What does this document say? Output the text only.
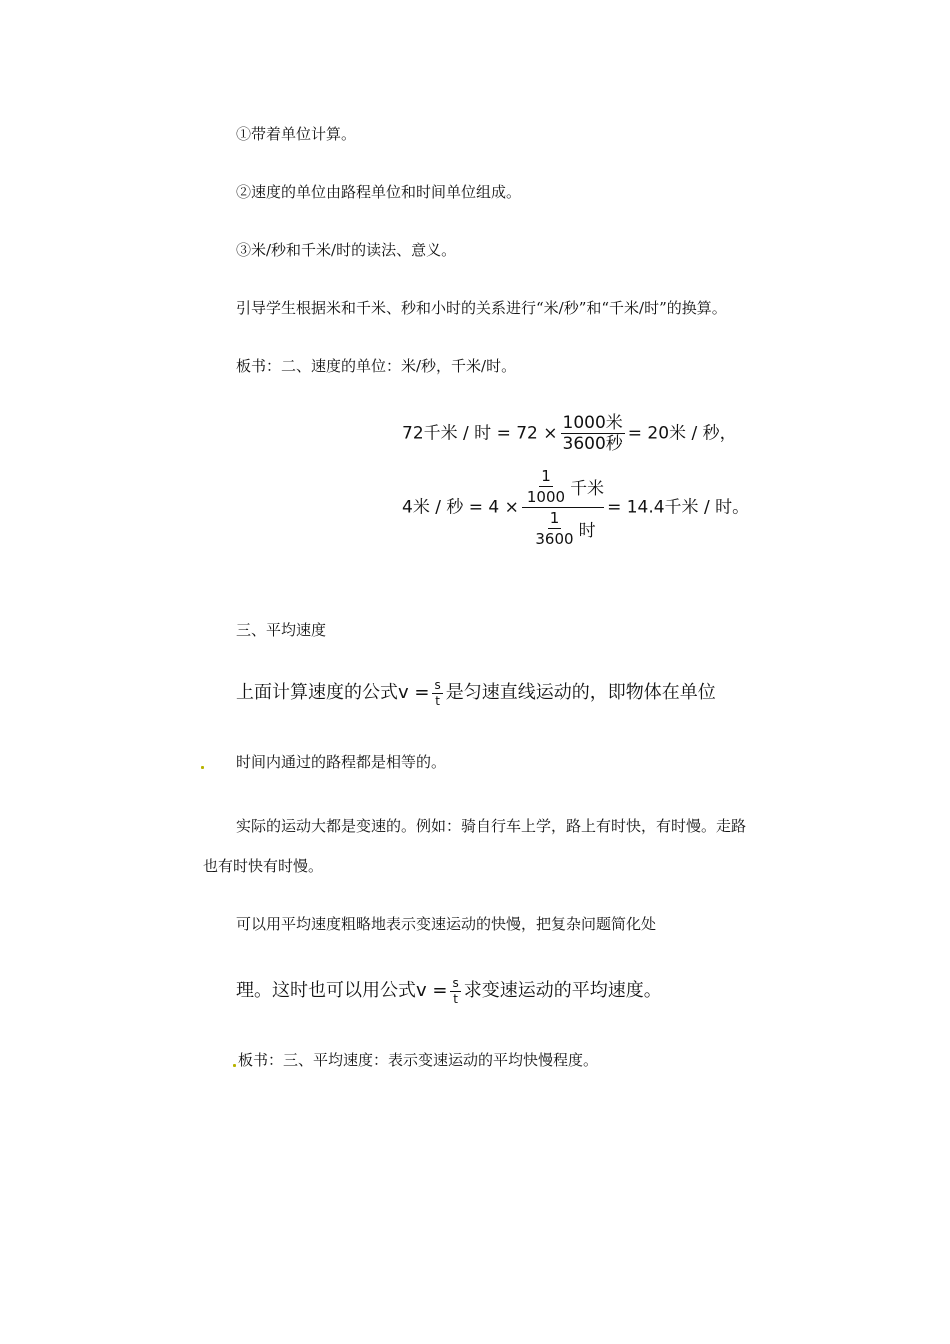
①带着单位计算。
②速度的单位由路程单位和时间单位组成。
③米/秒和千米/时的读法、意义。
引导学生根据米和千米、秒和小时的关系进行“米/秒”和“千米/时”的换算。
板书：二、速度的单位：米/秒，千米/时。
72千米 / 时 = $72 \times \frac{\text{1000米}}{\text{3600秒}} = 20$米 / 秒，
4米 / 秒 = $4 \times \frac{\frac{1}{1000} 千米}{\frac{1}{3600} 时} = 14.4$千米 / 时。
三、平均速度
上面计算速度的公式$v = \frac{s}{t}$ 是匀速直线运动的，即物体在单位
时间内通过的路程都是相等的。
实际的运动大都是变速的。例如：骑自行车上学，路上有时快，有时慢。走路
也有时快有时慢。
可以用平均速度粗略地表示变速运动的快慢，把复杂问题简化处
理。这时也可以用公式$v = \frac{s}{t}$ 求变速运动的平均速度。
板书：三、平均速度：表示变速运动的平均快慢程度。
